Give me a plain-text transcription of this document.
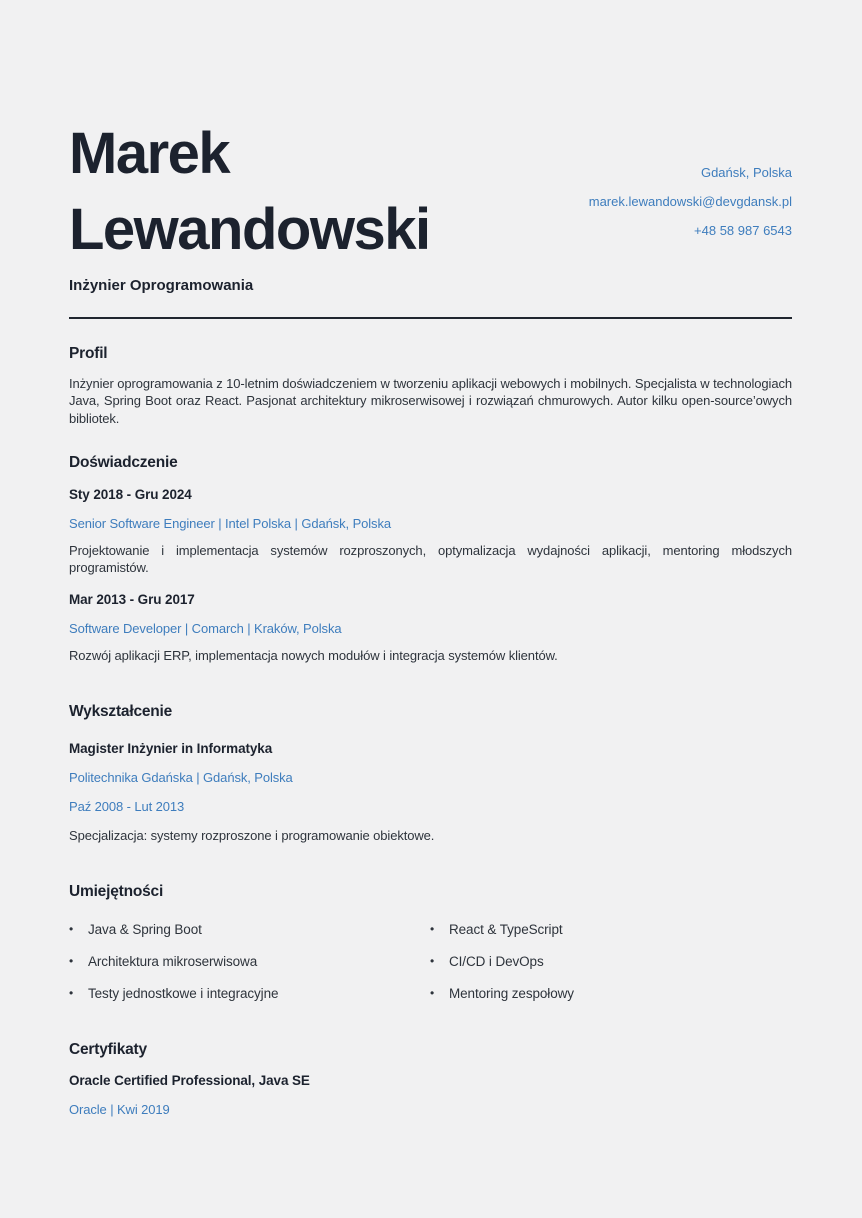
Marek Lewandowski
Inżynier Oprogramowania
Gdańsk, Polska
marek.lewandowski@devgdansk.pl
+48 58 987 6543
Profil

Inżynier oprogramowania z 10-letnim doświadczeniem w tworzeniu aplikacji webowych i mobilnych. Specjalista w technologiach Java, Spring Boot oraz React. Pasjonat architektury mikroserwisowej i rozwiązań chmurowych. Autor kilku open-source’owych bibliotek.

Doświadczenie
Sty 2018 - Gru 2024
Senior Software Engineer | Intel Polska | Gdańsk, Polska

Projektowanie i implementacja systemów rozproszonych, optymalizacja wydajności aplikacji, mentoring młodszych programistów.

Mar 2013 - Gru 2017
Software Developer | Comarch | Kraków, Polska

Rozwój aplikacji ERP, implementacja nowych modułów i integracja systemów klientów.

Wykształcenie
Magister Inżynier in Informatyka
Politechnika Gdańska | Gdańsk, Polska
Paź 2008 - Lut 2013
Specjalizacja: systemy rozproszone i programowanie obiektowe.
Umiejętności
•	Java & Spring Boot
•	Architektura mikroserwisowa
•	Testy jednostkowe i integracyjne
•	React & TypeScript
•	CI/CD i DevOps
•	Mentoring zespołowy
Certyfikaty
Oracle Certified Professional, Java SE
Oracle | Kwi 2019
